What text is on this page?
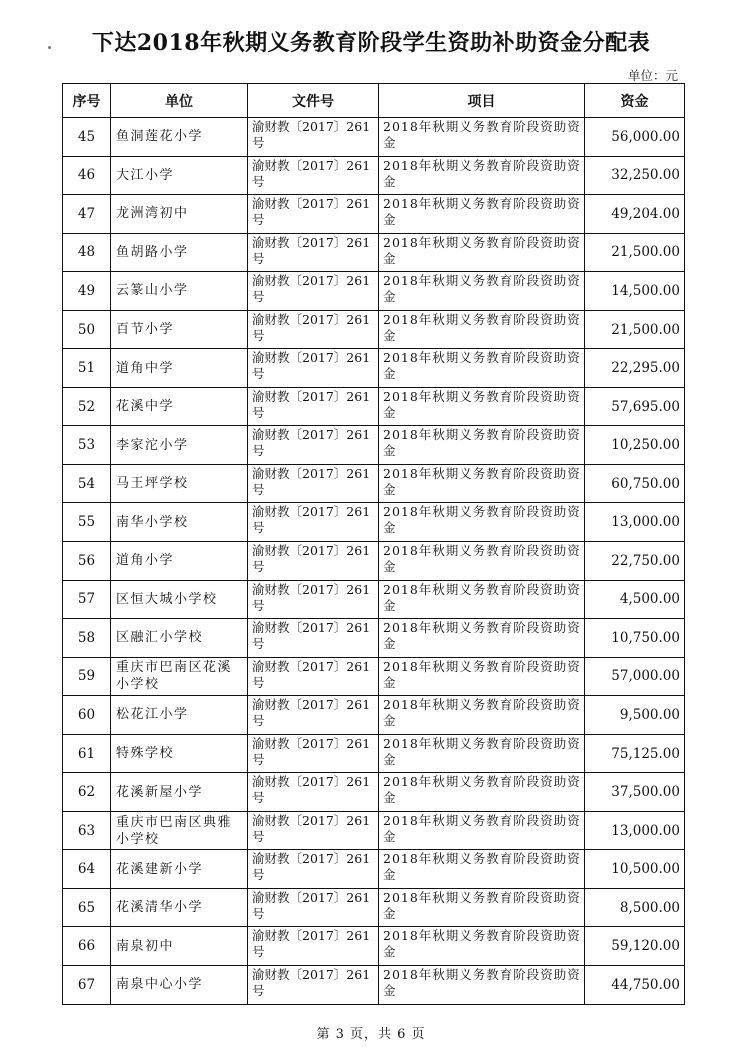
下达2018年秋期义务教育阶段学生资助补助资金分配表
单位：元
序号	单位	文件号	项目	资金
45	鱼洞莲花小学	渝财教〔2017〕261号	2018年秋期义务教育阶段资助资金	56,000.00
46	大江小学	渝财教〔2017〕261号	2018年秋期义务教育阶段资助资金	32,250.00
47	龙洲湾初中	渝财教〔2017〕261号	2018年秋期义务教育阶段资助资金	49,204.00
48	鱼胡路小学	渝财教〔2017〕261号	2018年秋期义务教育阶段资助资金	21,500.00
49	云篆山小学	渝财教〔2017〕261号	2018年秋期义务教育阶段资助资金	14,500.00
50	百节小学	渝财教〔2017〕261号	2018年秋期义务教育阶段资助资金	21,500.00
51	道角中学	渝财教〔2017〕261号	2018年秋期义务教育阶段资助资金	22,295.00
52	花溪中学	渝财教〔2017〕261号	2018年秋期义务教育阶段资助资金	57,695.00
53	李家沱小学	渝财教〔2017〕261号	2018年秋期义务教育阶段资助资金	10,250.00
54	马王坪学校	渝财教〔2017〕261号	2018年秋期义务教育阶段资助资金	60,750.00
55	南华小学校	渝财教〔2017〕261号	2018年秋期义务教育阶段资助资金	13,000.00
56	道角小学	渝财教〔2017〕261号	2018年秋期义务教育阶段资助资金	22,750.00
57	区恒大城小学校	渝财教〔2017〕261号	2018年秋期义务教育阶段资助资金	4,500.00
58	区融汇小学校	渝财教〔2017〕261号	2018年秋期义务教育阶段资助资金	10,750.00
59	重庆市巴南区花溪小学校	渝财教〔2017〕261号	2018年秋期义务教育阶段资助资金	57,000.00
60	松花江小学	渝财教〔2017〕261号	2018年秋期义务教育阶段资助资金	9,500.00
61	特殊学校	渝财教〔2017〕261号	2018年秋期义务教育阶段资助资金	75,125.00
62	花溪新屋小学	渝财教〔2017〕261号	2018年秋期义务教育阶段资助资金	37,500.00
63	重庆市巴南区典雅小学校	渝财教〔2017〕261号	2018年秋期义务教育阶段资助资金	13,000.00
64	花溪建新小学	渝财教〔2017〕261号	2018年秋期义务教育阶段资助资金	10,500.00
65	花溪清华小学	渝财教〔2017〕261号	2018年秋期义务教育阶段资助资金	8,500.00
66	南泉初中	渝财教〔2017〕261号	2018年秋期义务教育阶段资助资金	59,120.00
67	南泉中心小学	渝财教〔2017〕261号	2018年秋期义务教育阶段资助资金	44,750.00
第 3 页，共 6 页
